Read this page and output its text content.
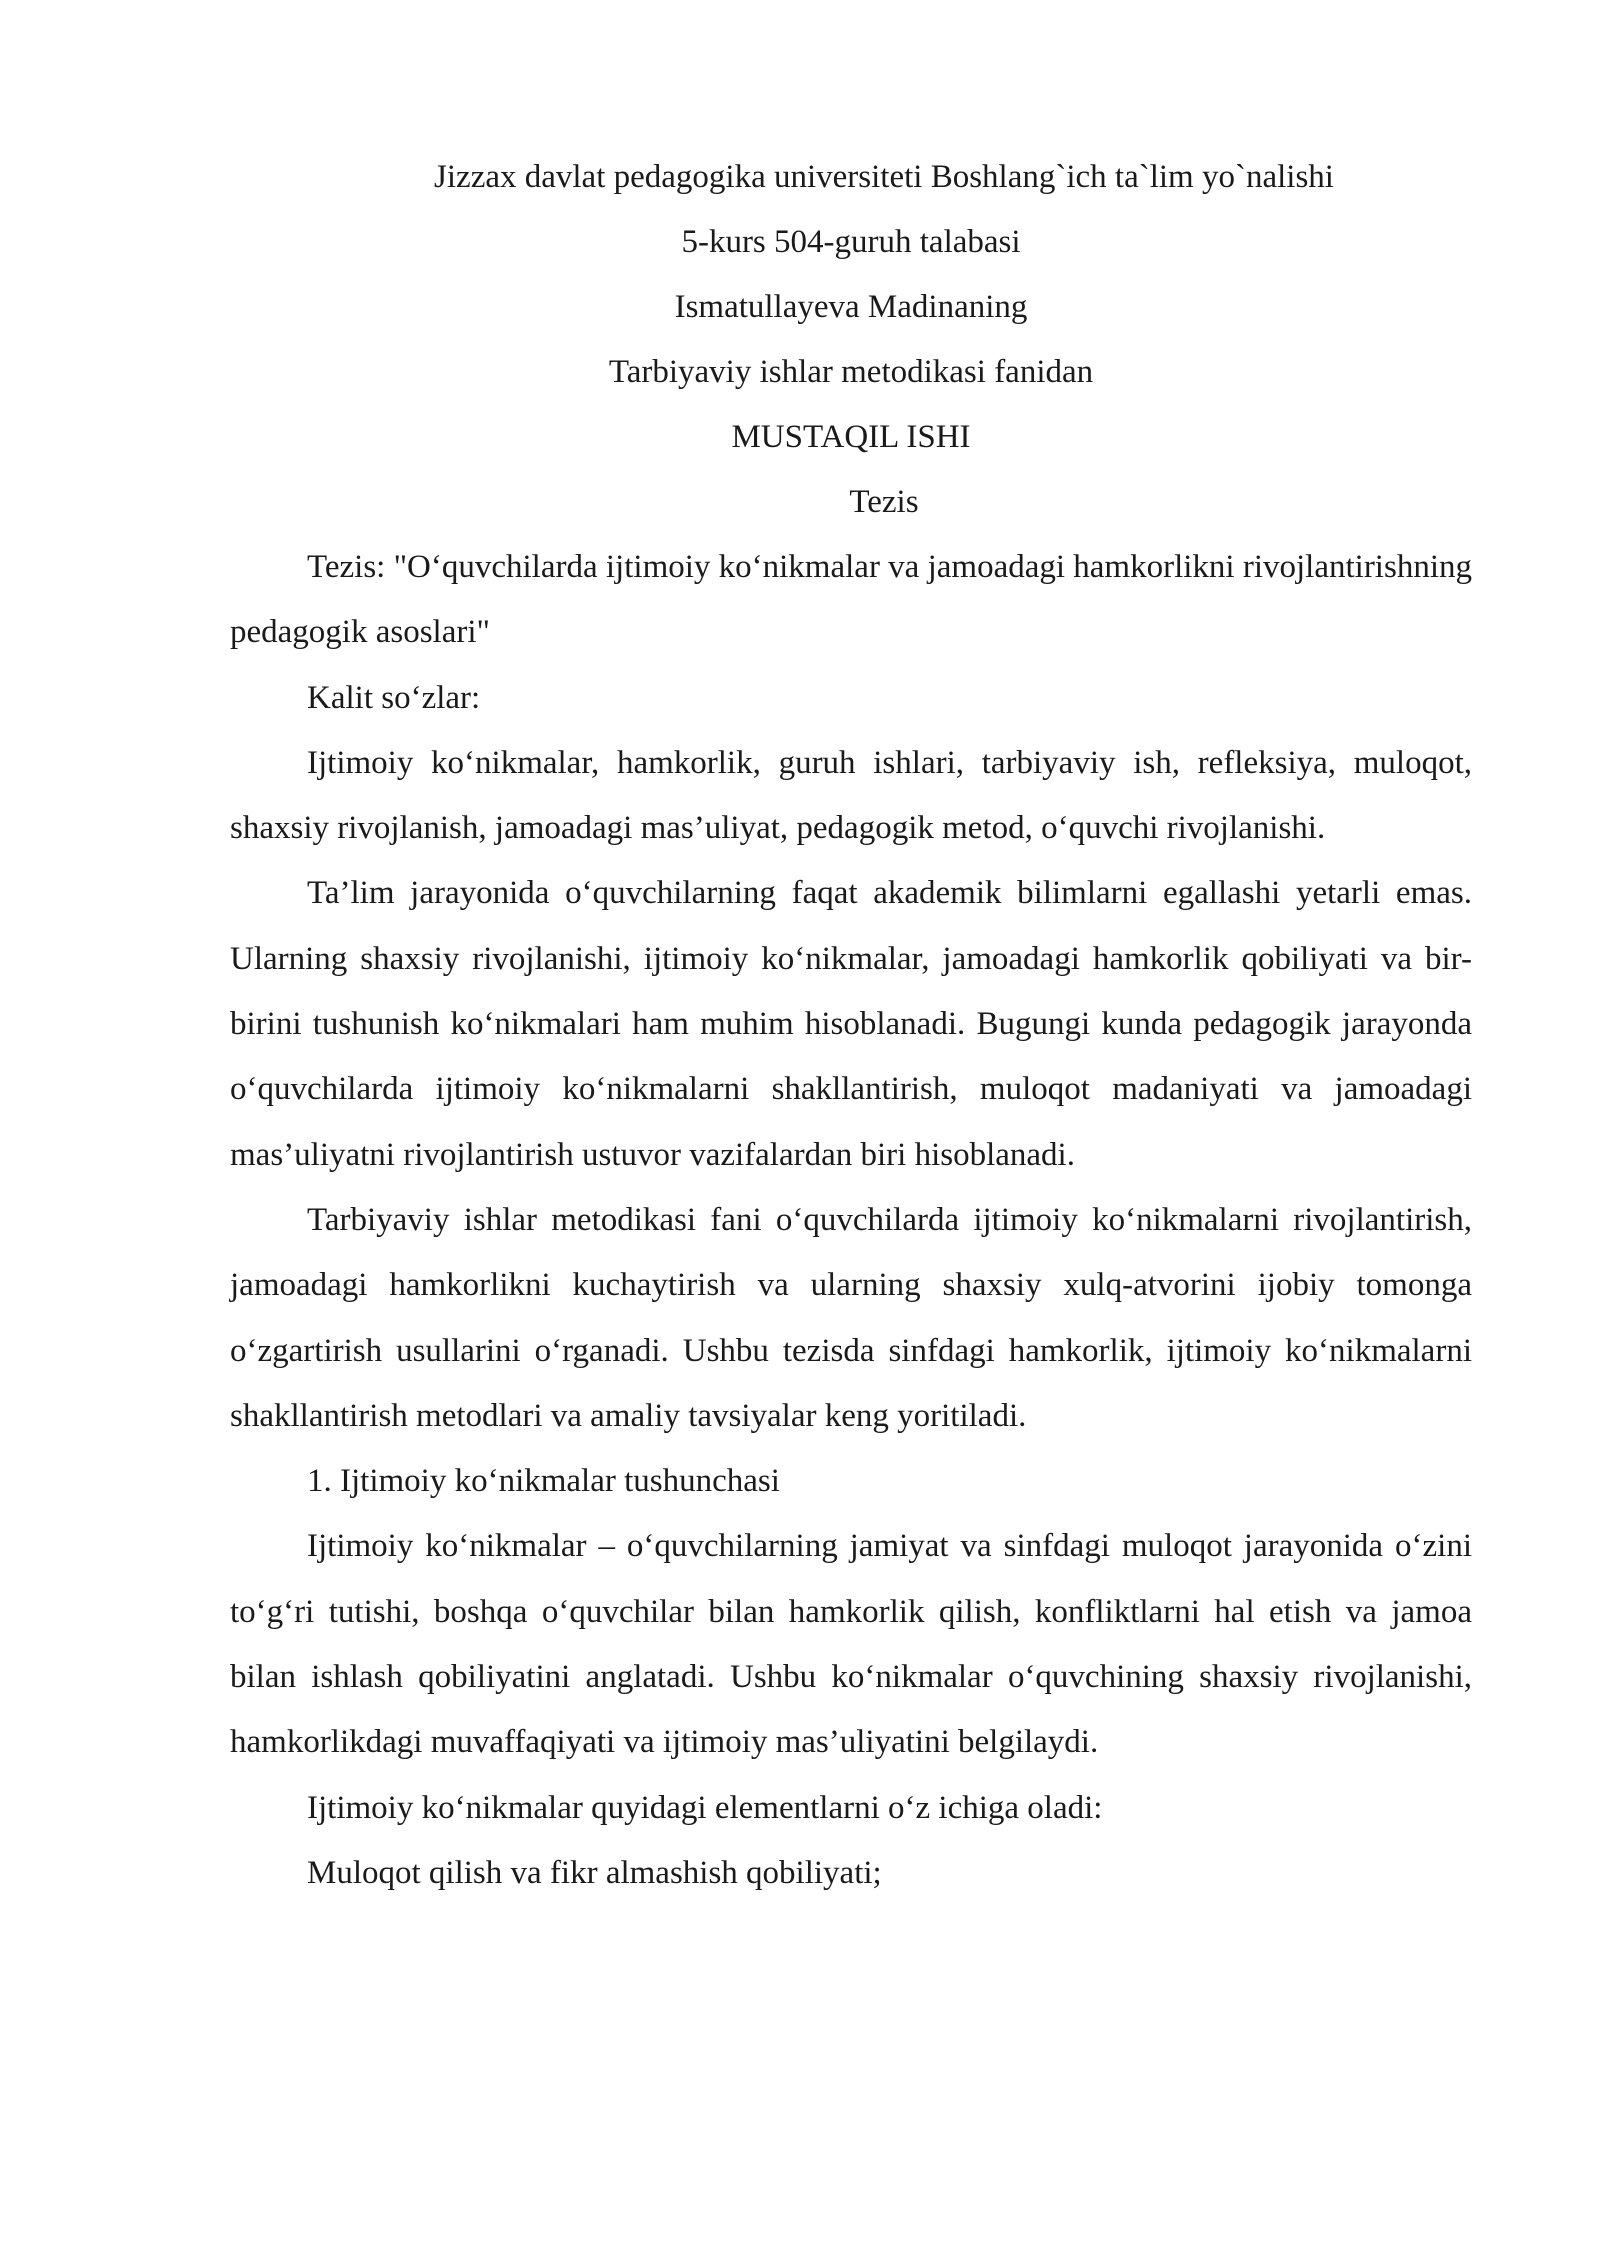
Jizzax davlat pedagogika universiteti Boshlang`ich ta`lim yo`nalishi

5-kurs 504-guruh talabasi

Ismatullayeva Madinaning

Tarbiyaviy ishlar metodikasi fanidan

MUSTAQIL ISHI

Tezis

Tezis: "O‘quvchilarda ijtimoiy ko‘nikmalar va jamoadagi hamkorlikni rivojlantirishning pedagogik asoslari"

Kalit so‘zlar:

Ijtimoiy ko‘nikmalar, hamkorlik, guruh ishlari, tarbiyaviy ish, refleksiya, muloqot, shaxsiy rivojlanish, jamoadagi mas’uliyat, pedagogik metod, o‘quvchi rivojlanishi.

Ta’lim jarayonida o‘quvchilarning faqat akademik bilimlarni egallashi yetarli emas. Ularning shaxsiy rivojlanishi, ijtimoiy ko‘nikmalar, jamoadagi hamkorlik qobiliyati va bir-birini tushunish ko‘nikmalari ham muhim hisoblanadi. Bugungi kunda pedagogik jarayonda o‘quvchilarda ijtimoiy ko‘nikmalarni shakllantirish, muloqot madaniyati va jamoadagi mas’uliyatni rivojlantirish ustuvor vazifalardan biri hisoblanadi.

Tarbiyaviy ishlar metodikasi fani o‘quvchilarda ijtimoiy ko‘nikmalarni rivojlantirish, jamoadagi hamkorlikni kuchaytirish va ularning shaxsiy xulq-atvorini ijobiy tomonga o‘zgartirish usullarini o‘rganadi. Ushbu tezisda sinfdagi hamkorlik, ijtimoiy ko‘nikmalarni shakllantirish metodlari va amaliy tavsiyalar keng yoritiladi.

1. Ijtimoiy ko‘nikmalar tushunchasi

Ijtimoiy ko‘nikmalar – o‘quvchilarning jamiyat va sinfdagi muloqot jarayonida o‘zini to‘g‘ri tutishi, boshqa o‘quvchilar bilan hamkorlik qilish, konfliktlarni hal etish va jamoa bilan ishlash qobiliyatini anglatadi. Ushbu ko‘nikmalar o‘quvchining shaxsiy rivojlanishi, hamkorlikdagi muvaffaqiyati va ijtimoiy mas’uliyatini belgilaydi.

Ijtimoiy ko‘nikmalar quyidagi elementlarni o‘z ichiga oladi:

Muloqot qilish va fikr almashish qobiliyati;
